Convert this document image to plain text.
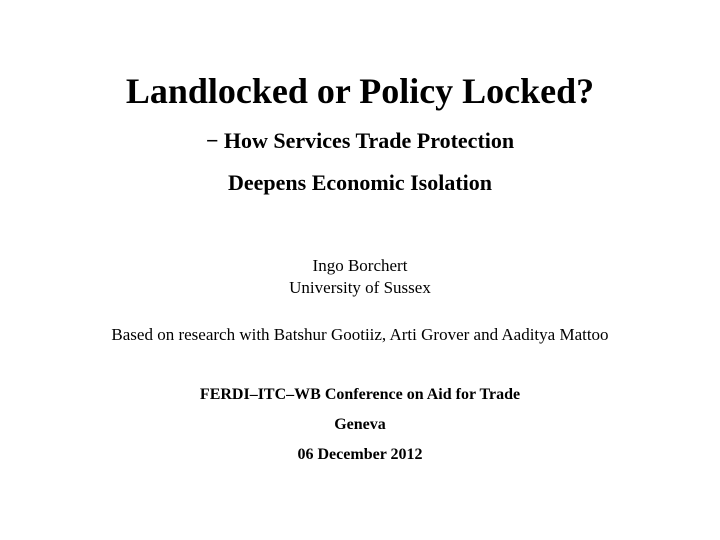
Landlocked or Policy Locked?
− How Services Trade Protection
Deepens Economic Isolation
Ingo Borchert
University of Sussex
Based on research with Batshur Gootiiz, Arti Grover and Aaditya Mattoo
FERDI–ITC–WB Conference on Aid for Trade
Geneva
06 December 2012
